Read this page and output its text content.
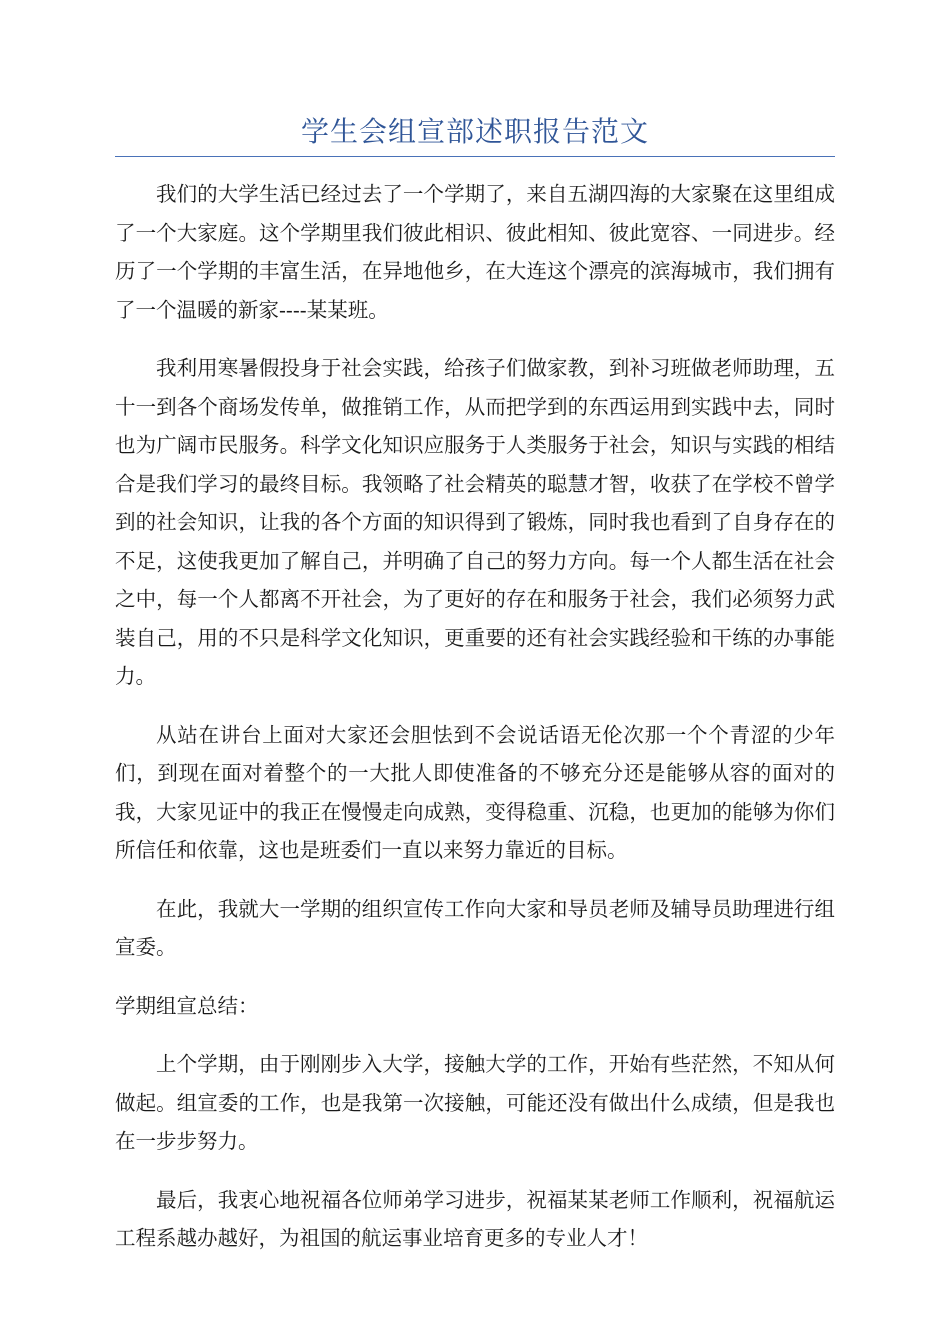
学生会组宣部述职报告范文

我们的大学生活已经过去了一个学期了，来自五湖四海的大家聚在这里组成了一个大家庭。这个学期里我们彼此相识、彼此相知、彼此宽容、一同进步。经历了一个学期的丰富生活，在异地他乡，在大连这个漂亮的滨海城市，我们拥有了一个温暖的新家----某某班。

我利用寒暑假投身于社会实践，给孩子们做家教，到补习班做老师助理，五十一到各个商场发传单，做推销工作，从而把学到的东西运用到实践中去，同时也为广阔市民服务。科学文化知识应服务于人类服务于社会，知识与实践的相结合是我们学习的最终目标。我领略了社会精英的聪慧才智，收获了在学校不曾学到的社会知识，让我的各个方面的知识得到了锻炼，同时我也看到了自身存在的不足，这使我更加了解自己，并明确了自己的努力方向。每一个人都生活在社会之中，每一个人都离不开社会，为了更好的存在和服务于社会，我们必须努力武装自己，用的不只是科学文化知识，更重要的还有社会实践经验和干练的办事能力。

从站在讲台上面对大家还会胆怯到不会说话语无伦次那一个个青涩的少年们，到现在面对着整个的一大批人即使准备的不够充分还是能够从容的面对的我，大家见证中的我正在慢慢走向成熟，变得稳重、沉稳，也更加的能够为你们所信任和依靠，这也是班委们一直以来努力靠近的目标。

在此，我就大一学期的组织宣传工作向大家和导员老师及辅导员助理进行组宣委。

学期组宣总结：

上个学期，由于刚刚步入大学，接触大学的工作，开始有些茫然，不知从何做起。组宣委的工作，也是我第一次接触，可能还没有做出什么成绩，但是我也在一步步努力。

最后，我衷心地祝福各位师弟学习进步，祝福某某老师工作顺利，祝福航运工程系越办越好，为祖国的航运事业培育更多的专业人才！
